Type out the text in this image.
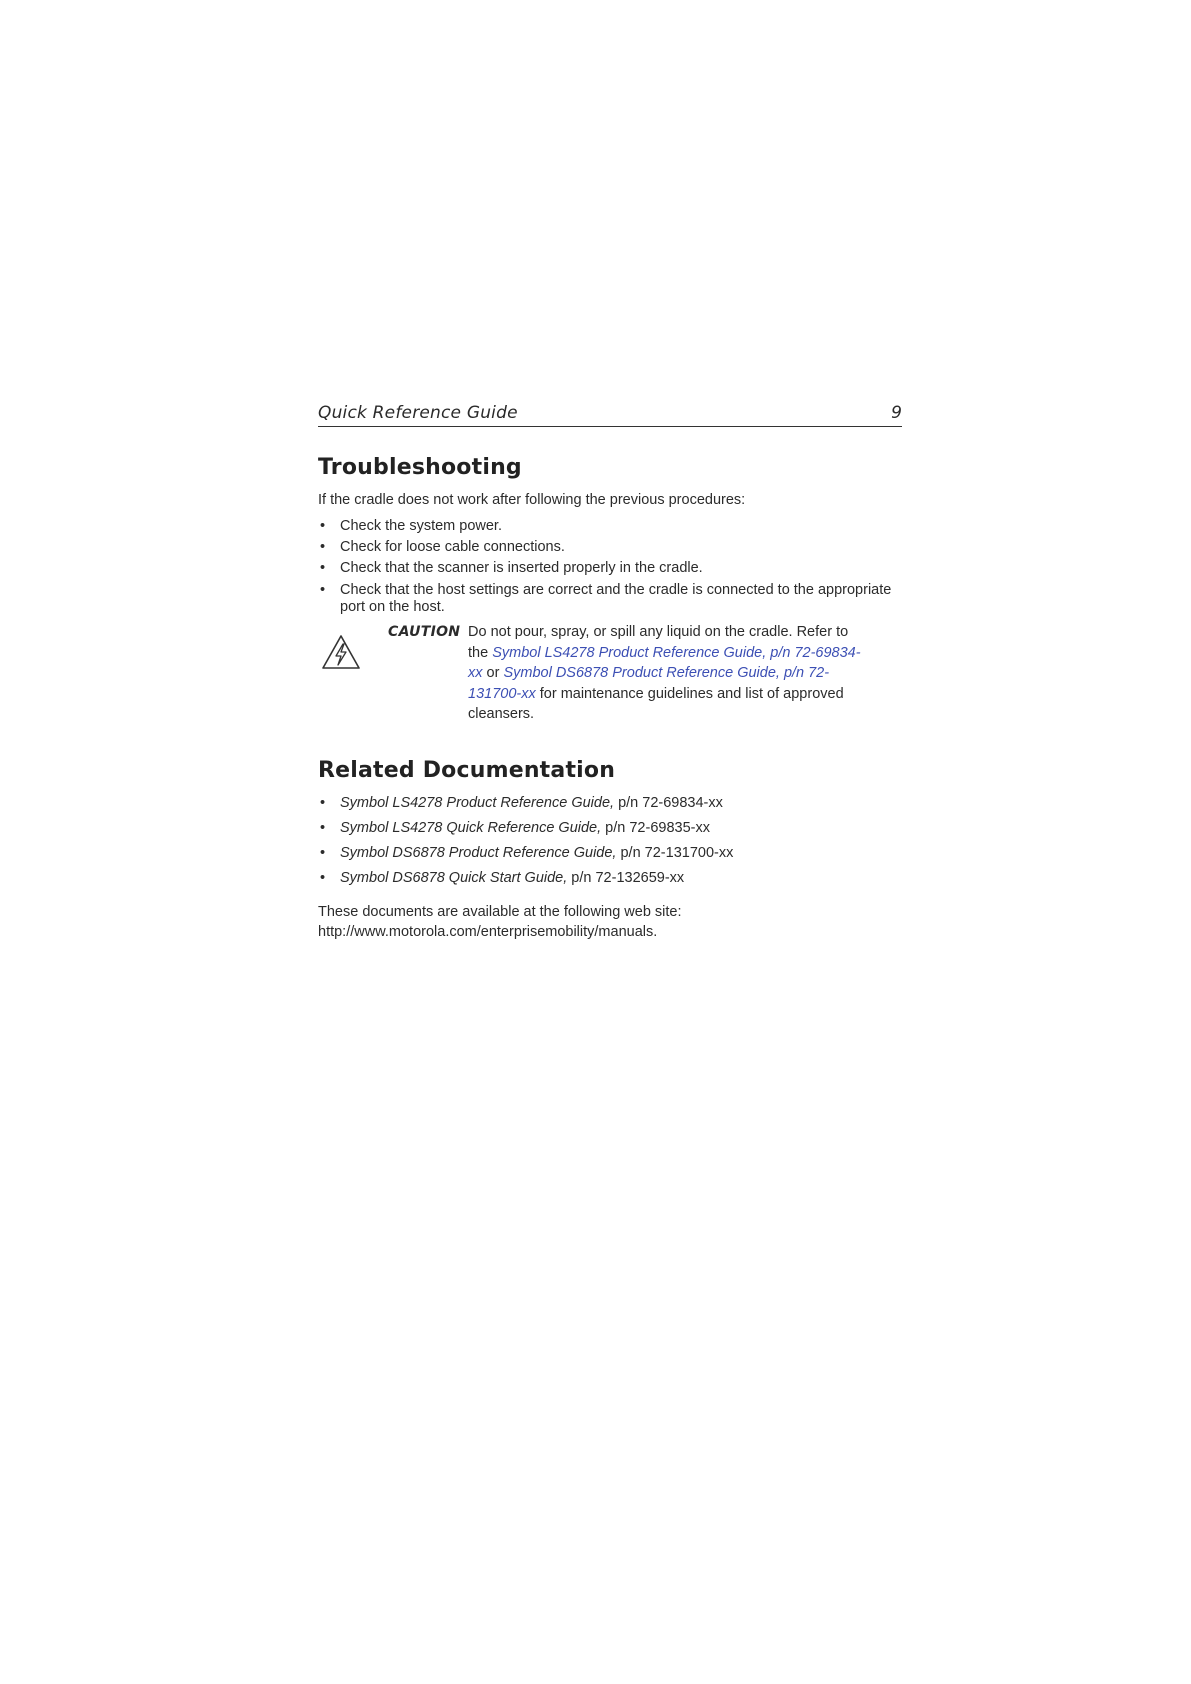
Quick Reference Guide	9
Troubleshooting

If the cradle does not work after following the previous procedures:

• Check the system power.
• Check for loose cable connections.
• Check that the scanner is inserted properly in the cradle.
• Check that the host settings are correct and the cradle is connected to the appropriate port on the host.
CAUTION Do not pour, spray, or spill any liquid on the cradle. Refer to the Symbol LS4278 Product Reference Guide, p/n 72-69834-xx or Symbol DS6878 Product Reference Guide, p/n 72-131700-xx for maintenance guidelines and list of approved cleansers.
Related Documentation
• Symbol LS4278 Product Reference Guide, p/n 72-69834-xx
• Symbol LS4278 Quick Reference Guide, p/n 72-69835-xx
• Symbol DS6878 Product Reference Guide, p/n 72-131700-xx
• Symbol DS6878 Quick Start Guide, p/n 72-132659-xx

These documents are available at the following web site:
http://www.motorola.com/enterprisemobility/manuals.
